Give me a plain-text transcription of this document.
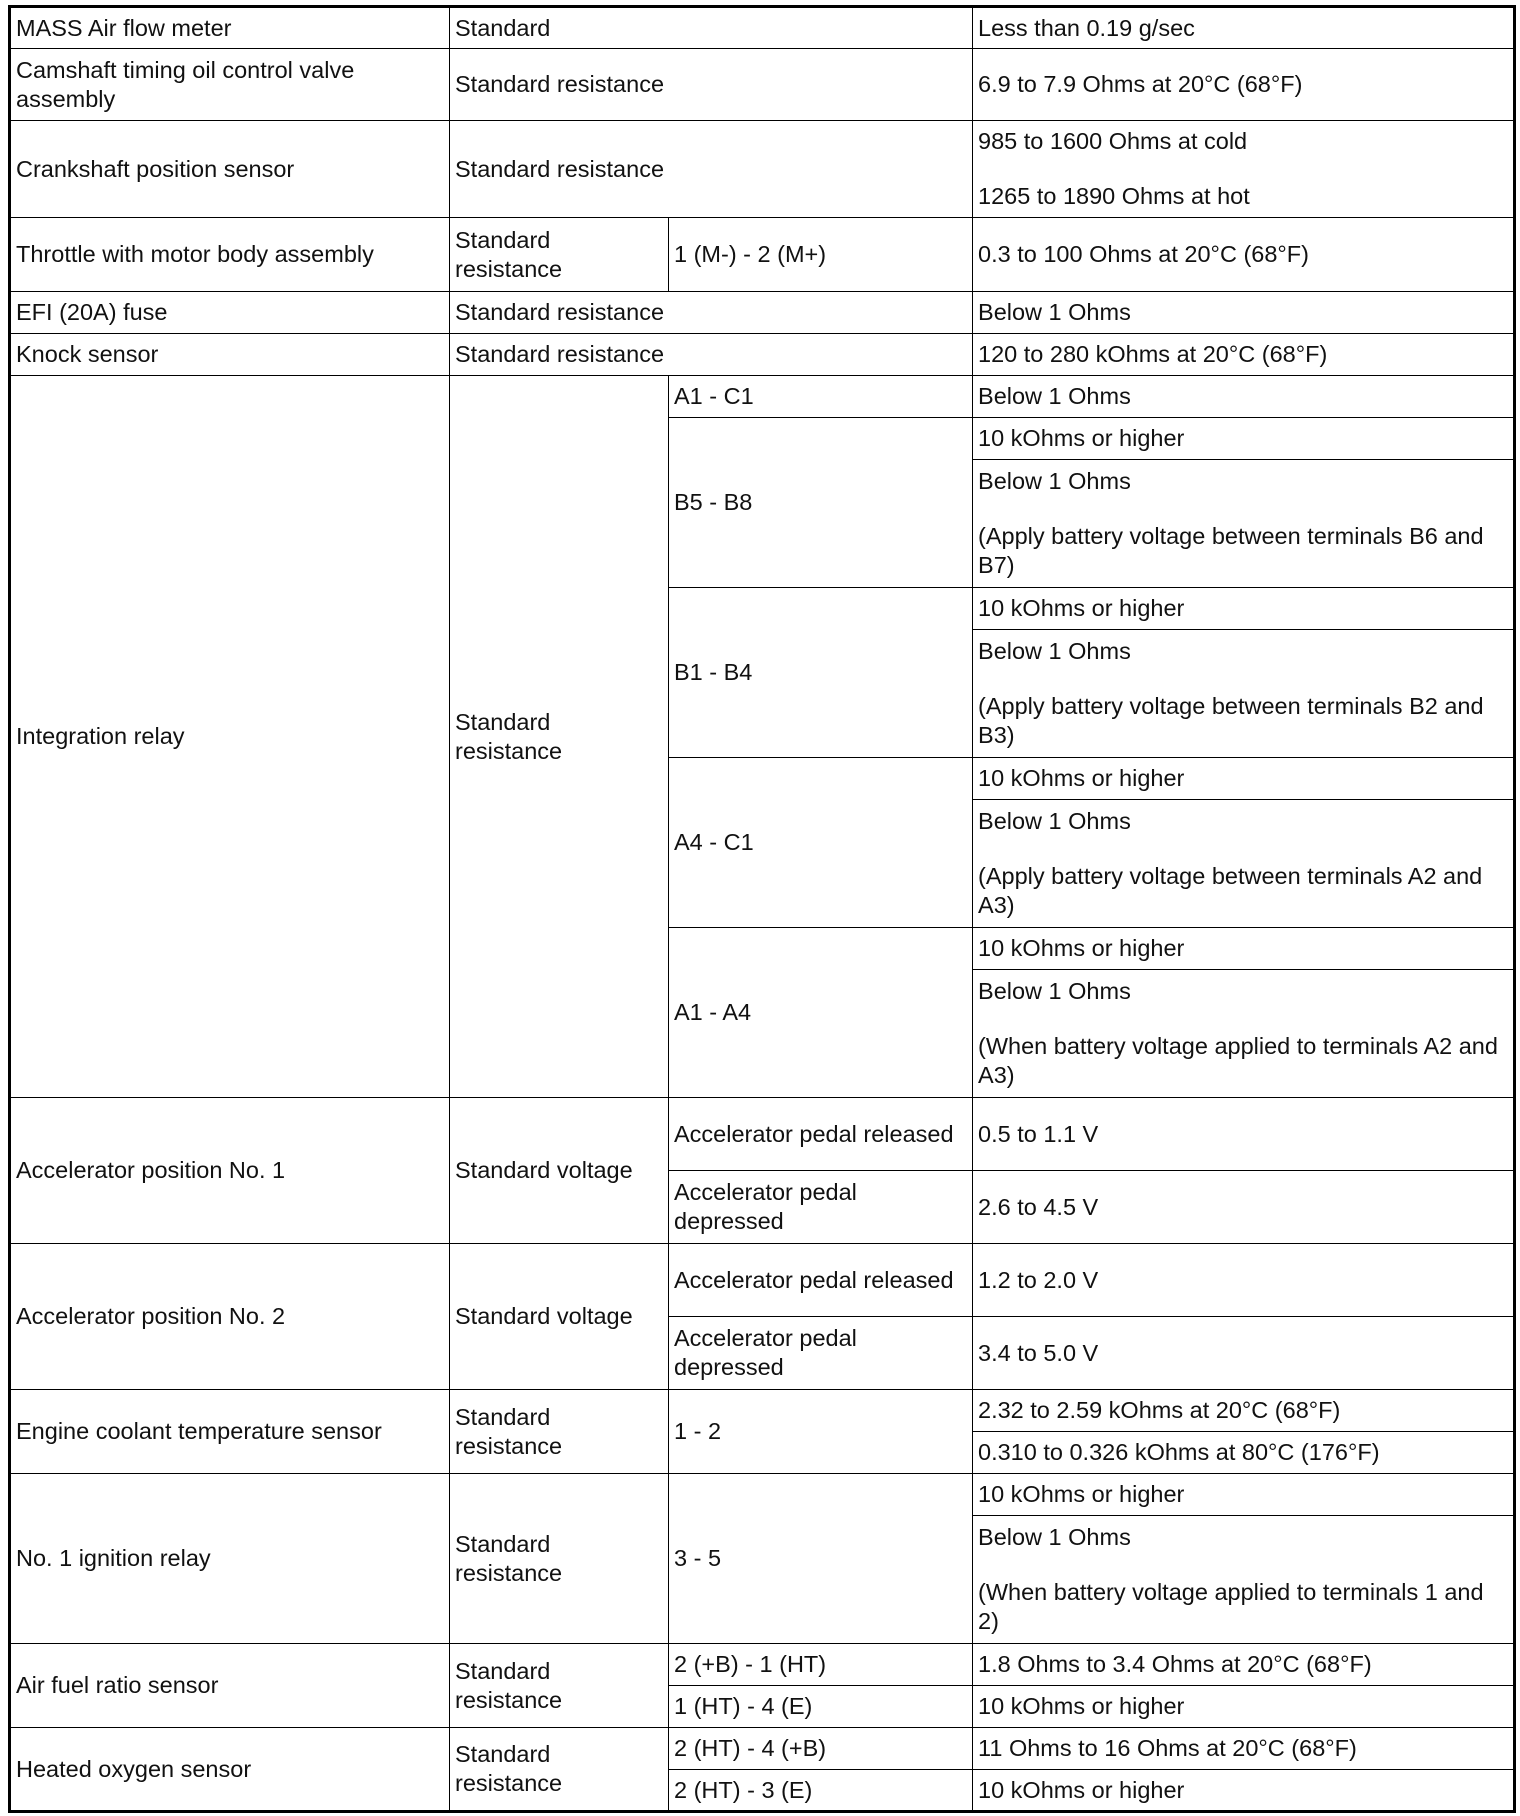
MASS Air flow meter	Standard		Less than 0.19 g/sec
Camshaft timing oil control valve assembly	Standard resistance		6.9 to 7.9 Ohms at 20°C (68°F)
Crankshaft position sensor	Standard resistance		985 to 1600 Ohms at cold
1265 to 1890 Ohms at hot

Throttle with motor body assembly	Standard resistance	1 (M-) - 2 (M+)	0.3 to 100 Ohms at 20°C (68°F)
EFI (20A) fuse	Standard resistance		Below 1 Ohms
Knock sensor	Standard resistance		120 to 280 kOhms at 20°C (68°F)
Integration relay	Standard resistance	A1 - C1	Below 1 Ohms
		B5 - B8	10 kOhms or higher

			Below 1 Ohms
(Apply battery voltage between terminals B6 and B7)

		B1 - B4	10 kOhms or higher

			Below 1 Ohms
(Apply battery voltage between terminals B2 and B3)

		A4 - C1	10 kOhms or higher

			Below 1 Ohms
(Apply battery voltage between terminals A2 and A3)

		A1 - A4	10 kOhms or higher

			Below 1 Ohms
(When battery voltage applied to terminals A2 and A3)

Accelerator position No. 1	Standard voltage	Accelerator pedal released	0.5 to 1.1 V
		Accelerator pedal depressed	2.6 to 4.5 V
Accelerator position No. 2	Standard voltage	Accelerator pedal released	1.2 to 2.0 V
		Accelerator pedal depressed	3.4 to 5.0 V
Engine coolant temperature sensor	Standard resistance	1 - 2	2.32 to 2.59 kOhms at 20°C (68°F)
			0.310 to 0.326 kOhms at 80°C (176°F)
No. 1 ignition relay	Standard resistance	3 - 5	10 kOhms or higher

			Below 1 Ohms
(When battery voltage applied to terminals 1 and 2)

Air fuel ratio sensor	Standard resistance	2 (+B) - 1 (HT)	1.8 Ohms to 3.4 Ohms at 20°C (68°F)
		1 (HT) - 4 (E)	10 kOhms or higher
Heated oxygen sensor	Standard resistance	2 (HT) - 4 (+B)	11 Ohms to 16 Ohms at 20°C (68°F)
		2 (HT) - 3 (E)	10 kOhms or higher
